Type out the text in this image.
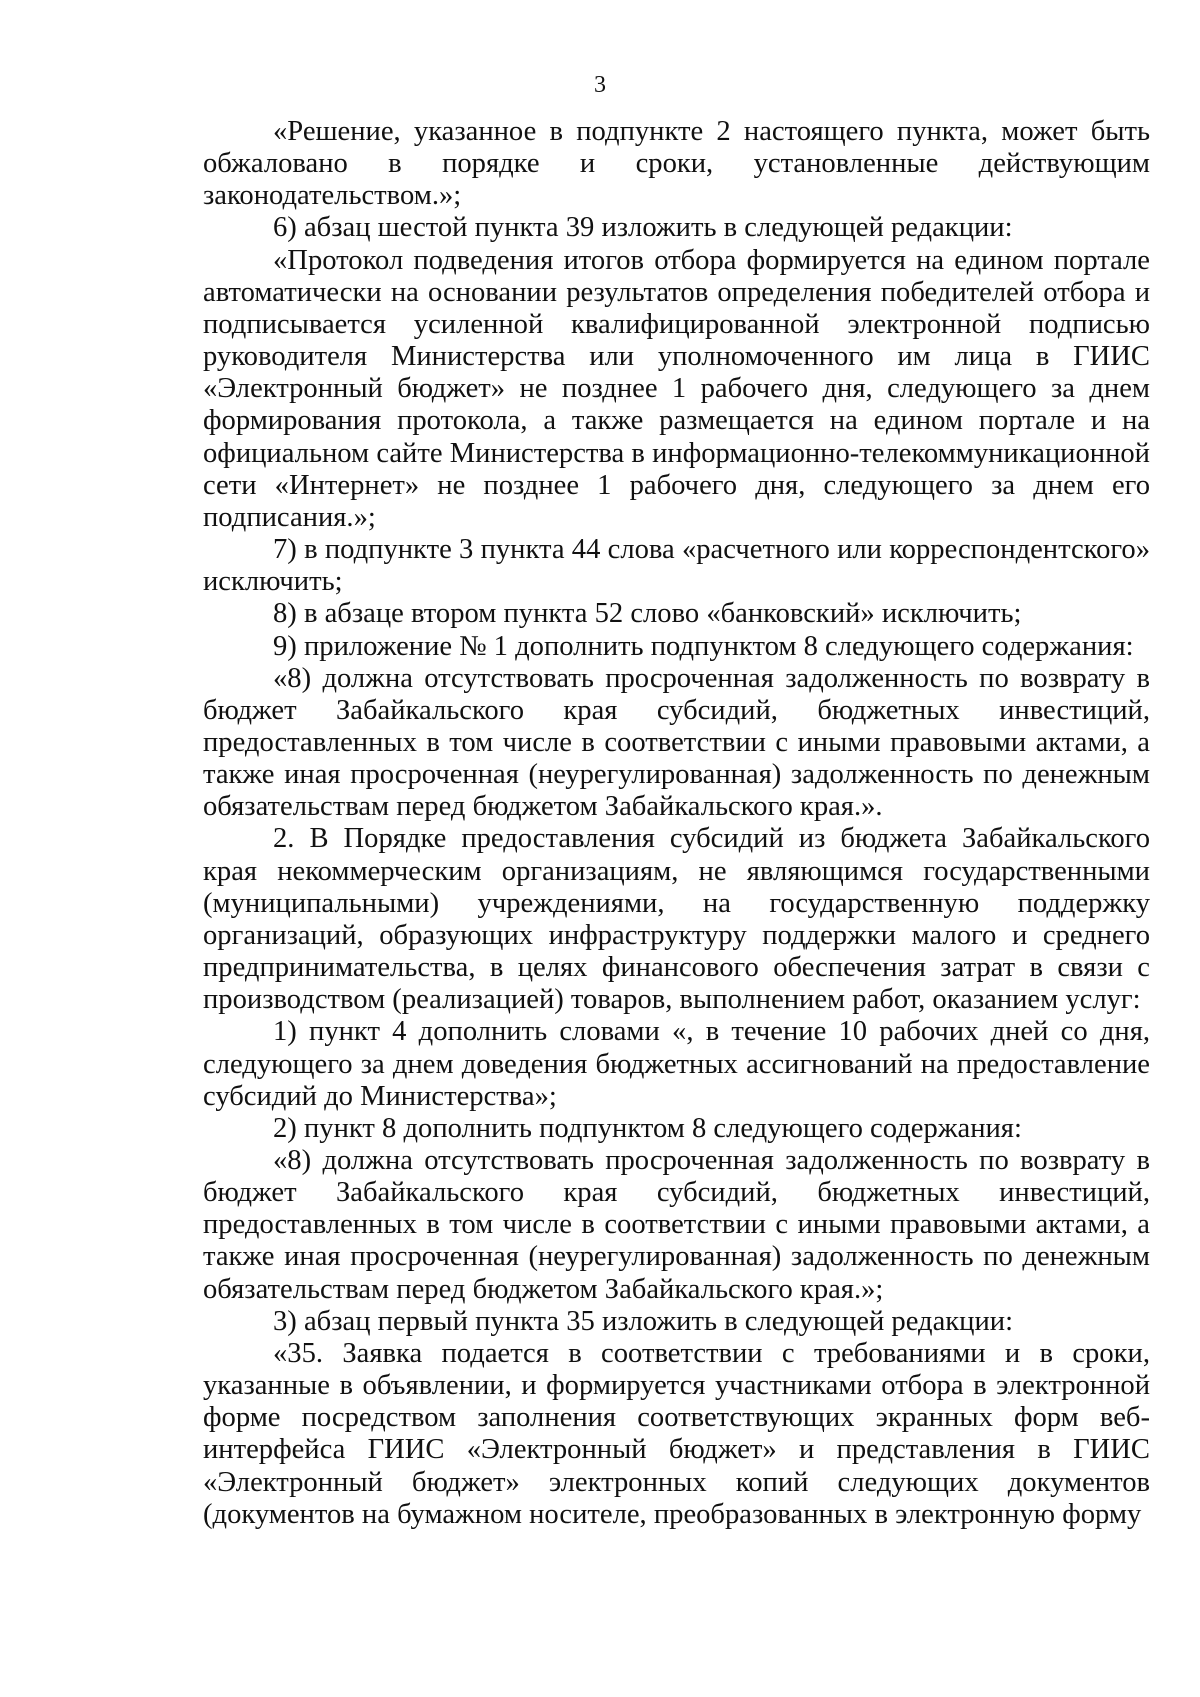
3

«Решение, указанное в подпункте 2 настоящего пункта, может быть обжаловано в порядке и сроки, установленные действующим законодательством.»;

6) абзац шестой пункта 39 изложить в следующей редакции:

«Протокол подведения итогов отбора формируется на едином портале автоматически на основании результатов определения победителей отбора и подписывается усиленной квалифицированной электронной подписью руководителя Министерства или уполномоченного им лица в ГИИС «Электронный бюджет» не позднее 1 рабочего дня, следующего за днем формирования протокола, а также размещается на едином портале и на официальном сайте Министерства в информационно-телекоммуникационной сети «Интернет» не позднее 1 рабочего дня, следующего за днем его подписания.»;

7) в подпункте 3 пункта 44 слова «расчетного или корреспондентского» исключить;

8) в абзаце втором пункта 52 слово «банковский» исключить;

9) приложение № 1 дополнить подпунктом 8 следующего содержания:

«8) должна отсутствовать просроченная задолженность по возврату в бюджет Забайкальского края субсидий, бюджетных инвестиций, предоставленных в том числе в соответствии с иными правовыми актами, а также иная просроченная (неурегулированная) задолженность по денежным обязательствам перед бюджетом Забайкальского края.».

2. В Порядке предоставления субсидий из бюджета Забайкальского края некоммерческим организациям, не являющимся государственными (муниципальными) учреждениями, на государственную поддержку организаций, образующих инфраструктуру поддержки малого и среднего предпринимательства, в целях финансового обеспечения затрат в связи с производством (реализацией) товаров, выполнением работ, оказанием услуг:

1) пункт 4 дополнить словами «, в течение 10 рабочих дней со дня, следующего за днем доведения бюджетных ассигнований на предоставление субсидий до Министерства»;

2) пункт 8 дополнить подпунктом 8 следующего содержания:

«8) должна отсутствовать просроченная задолженность по возврату в бюджет Забайкальского края субсидий, бюджетных инвестиций, предоставленных в том числе в соответствии с иными правовыми актами, а также иная просроченная (неурегулированная) задолженность по денежным обязательствам перед бюджетом Забайкальского края.»;

3) абзац первый пункта 35 изложить в следующей редакции:

«35. Заявка подается в соответствии с требованиями и в сроки, указанные в объявлении, и формируется участниками отбора в электронной форме посредством заполнения соответствующих экранных форм веб-интерфейса ГИИС «Электронный бюджет» и представления в ГИИС «Электронный бюджет» электронных копий следующих документов (документов на бумажном носителе, преобразованных в электронную форму
